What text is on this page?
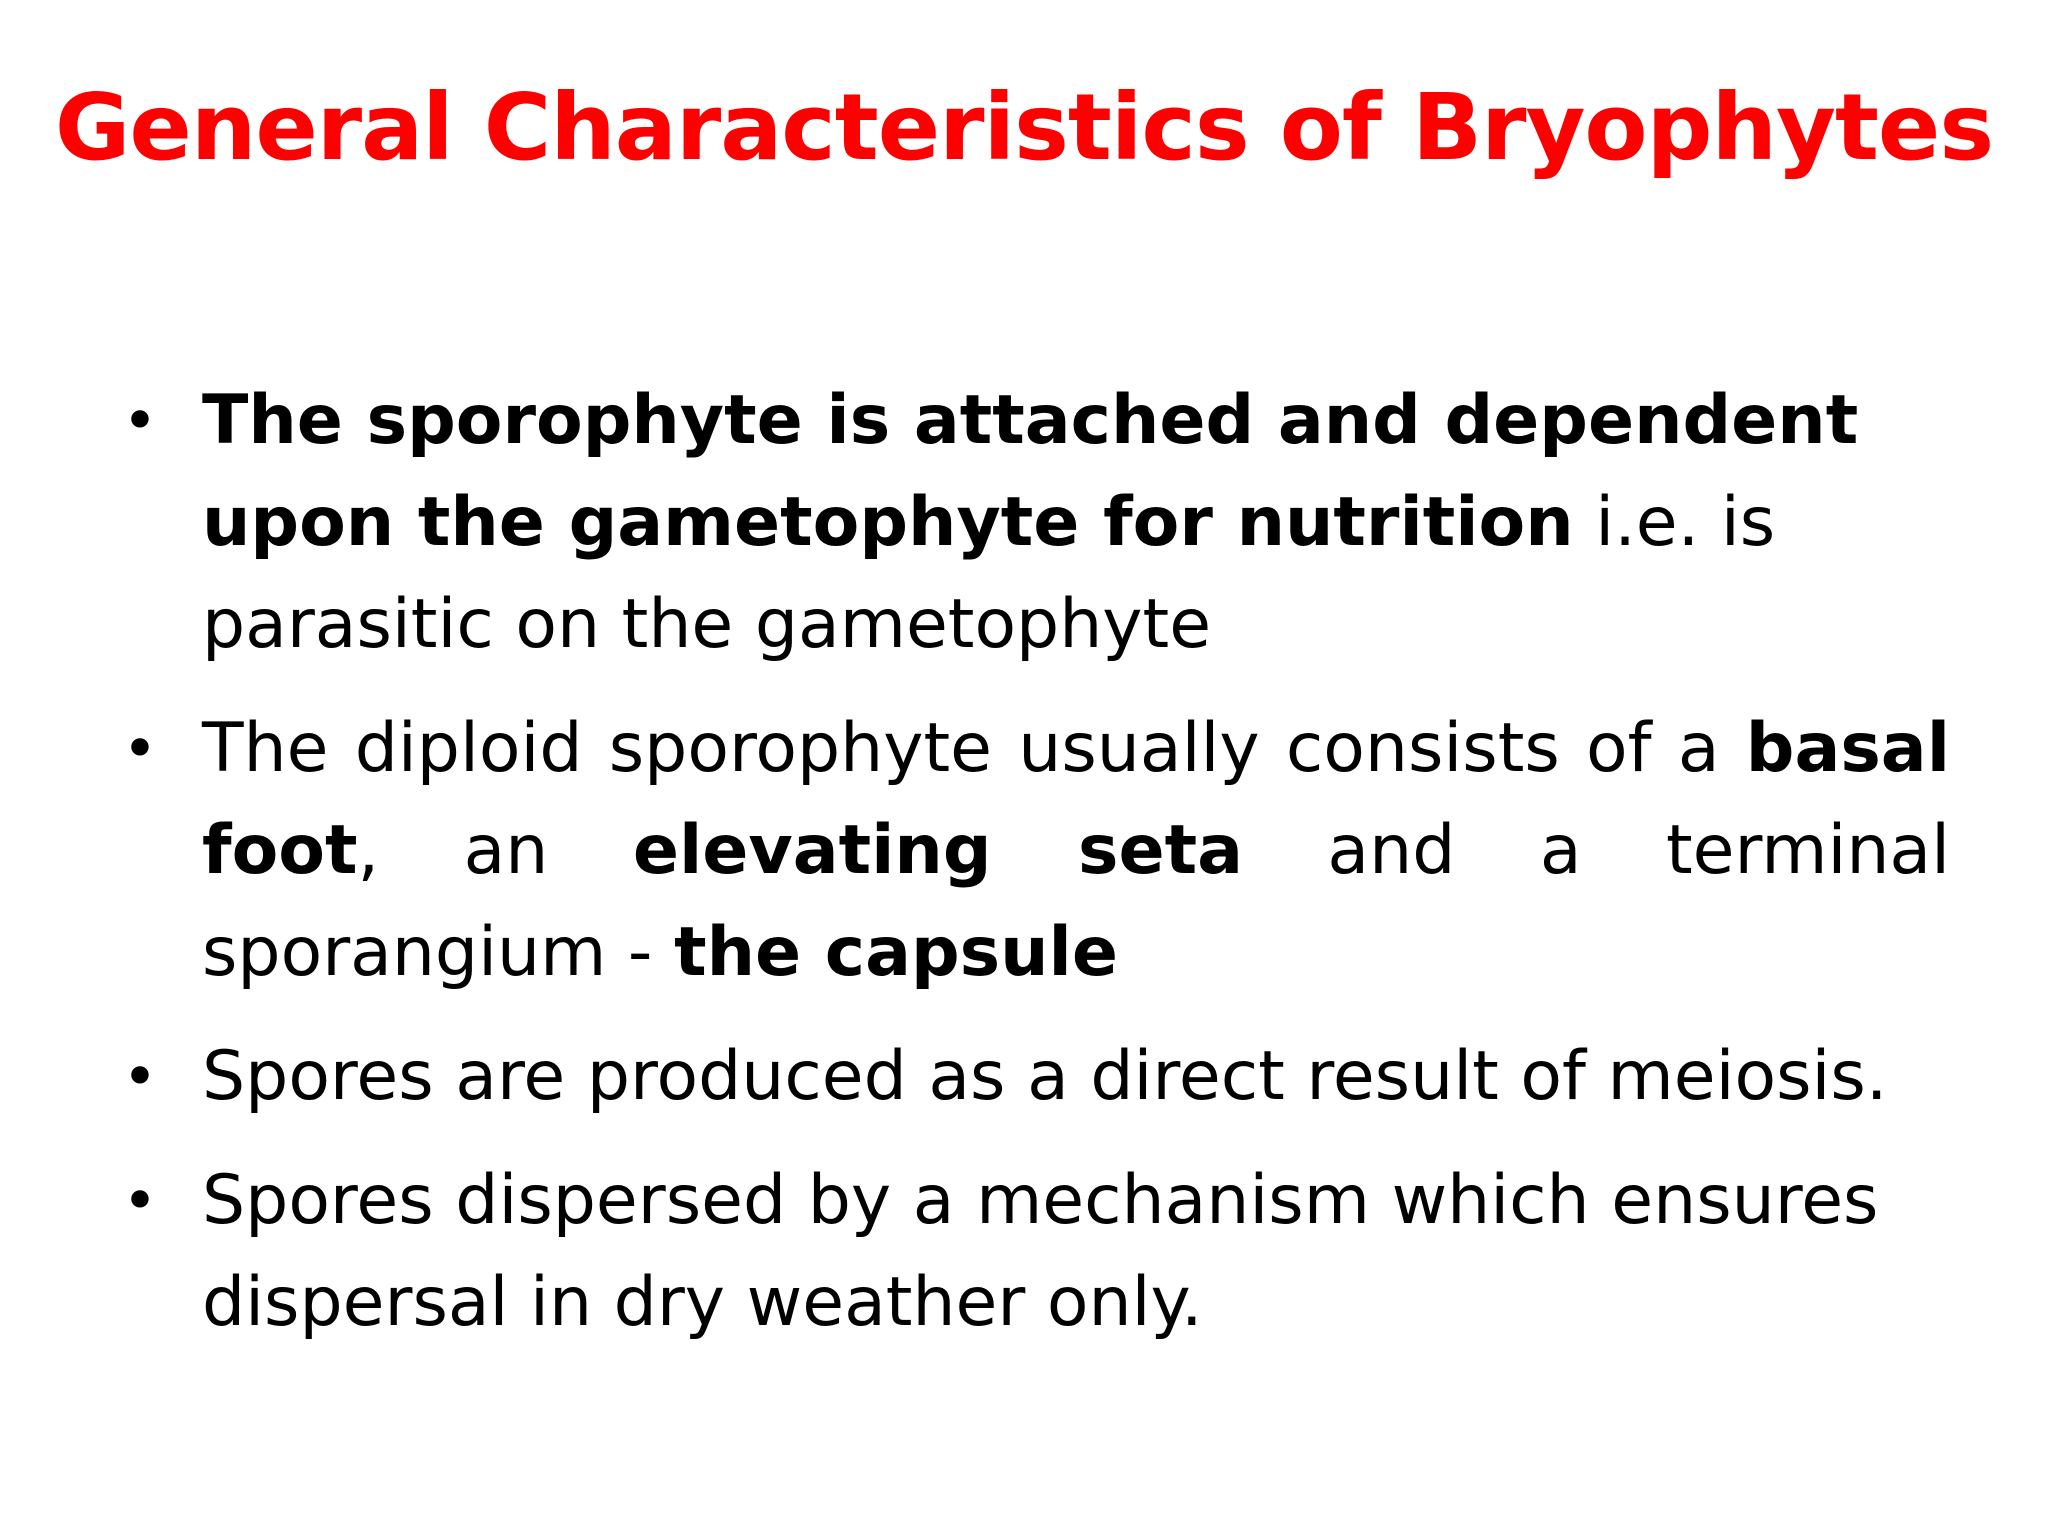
General Characteristics of Bryophytes
• The sporophyte is attached and dependent upon the gametophyte for nutrition i.e. is parasitic on the gametophyte
• The diploid sporophyte usually consists of a basal foot, an elevating seta and a terminal sporangium - the capsule
• Spores are produced as a direct result of meiosis.
• Spores dispersed by a mechanism which ensures dispersal in dry weather only.
